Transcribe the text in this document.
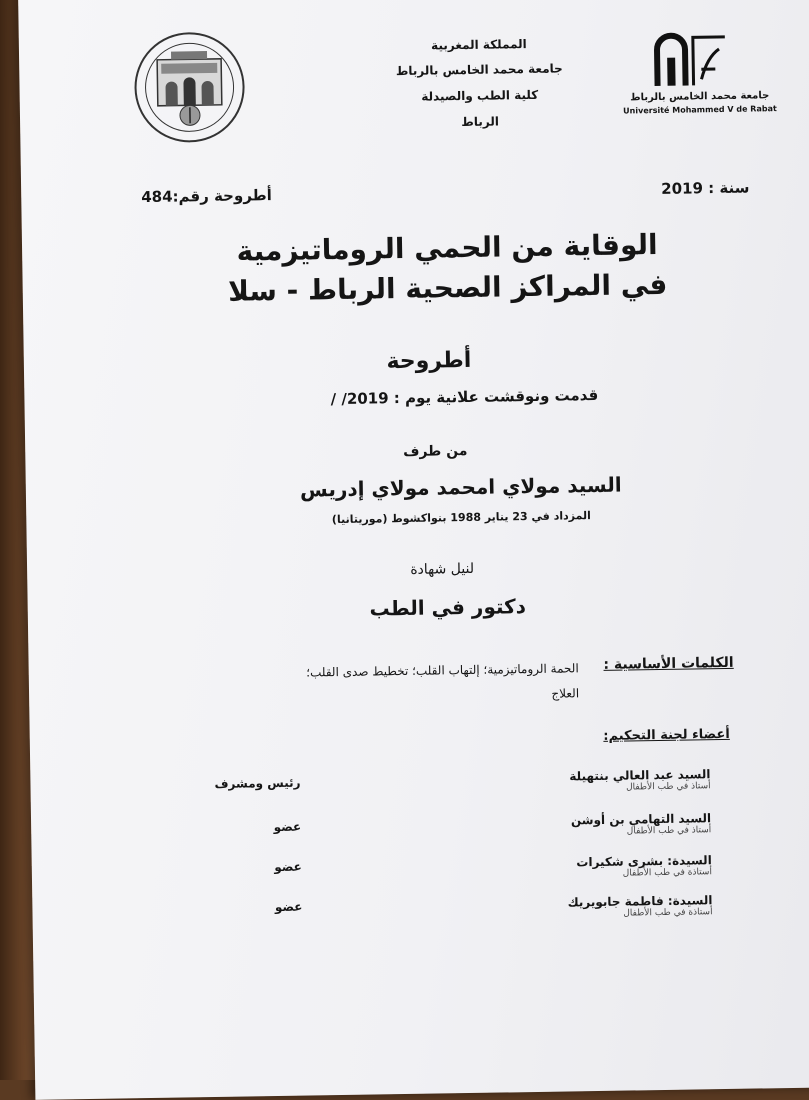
المملكة المغربية
جامعة محمد الخامس بالرباط
كلية الطب والصيدلة
الرباط
جامعة محمد الخامس بالرباط
Université Mohammed V de Rabat
أطروحة رقم:484	سنة : 2019
الوقاية من الحمي الروماتيزمية
في المراكز الصحية الرباط - سلا
أطروحة
قدمت ونوقشت علانية يوم : / /2019
من طرف
السيد مولاي امحمد مولاي إدريس
المزداد في 23 يناير 1988 بنواكشوط (موريتانيا)
لنيل شهادة
دكتور في الطب
الكلمات الأساسية :
الحمة الروماتيزمية؛ إلتهاب القلب؛ تخطيط صدى القلب؛
العلاج
أعضاء لجنة التحكيم:
السيد عبد العالي بنتهيلة
أستاذ في طب الأطفال
رئيس ومشرف
السيد التهامي بن أوشن
أستاذ في طب الأطفال
عضو
السيدة: بشرى شكيرات
أستاذة في طب الأطفال
عضو
السيدة: فاطمة جابويريك
أستاذة في طب الأطفال
عضو
